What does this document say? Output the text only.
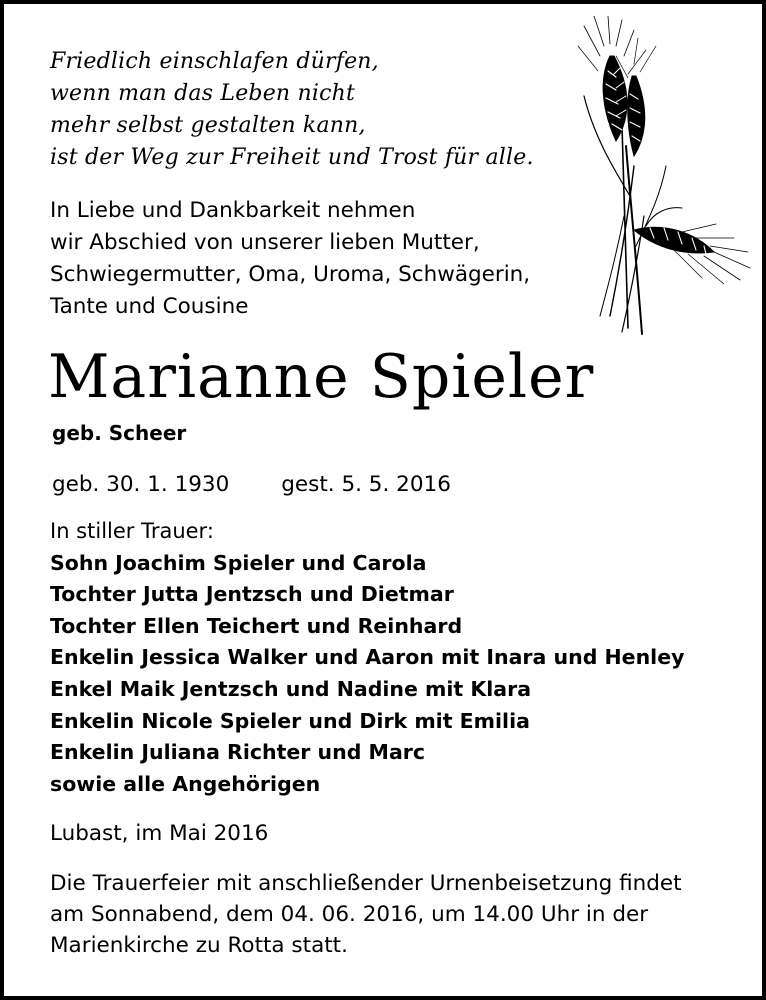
Friedlich einschlafen dürfen,
wenn man das Leben nicht
mehr selbst gestalten kann,
ist der Weg zur Freiheit und Trost für alle.
In Liebe und Dankbarkeit nehmen
wir Abschied von unserer lieben Mutter,
Schwiegermutter, Oma, Uroma, Schwägerin,
Tante und Cousine
Marianne Spieler
geb. Scheer
geb. 30. 1. 1930 gest. 5. 5. 2016
In stiller Trauer:
Sohn Joachim Spieler und Carola
Tochter Jutta Jentzsch und Dietmar
Tochter Ellen Teichert und Reinhard
Enkelin Jessica Walker und Aaron mit Inara und Henley
Enkel Maik Jentzsch und Nadine mit Klara
Enkelin Nicole Spieler und Dirk mit Emilia
Enkelin Juliana Richter und Marc
sowie alle Angehörigen
Lubast, im Mai 2016
Die Trauerfeier mit anschließender Urnenbeisetzung findet
am Sonnabend, dem 04. 06. 2016, um 14.00 Uhr in der
Marienkirche zu Rotta statt.
